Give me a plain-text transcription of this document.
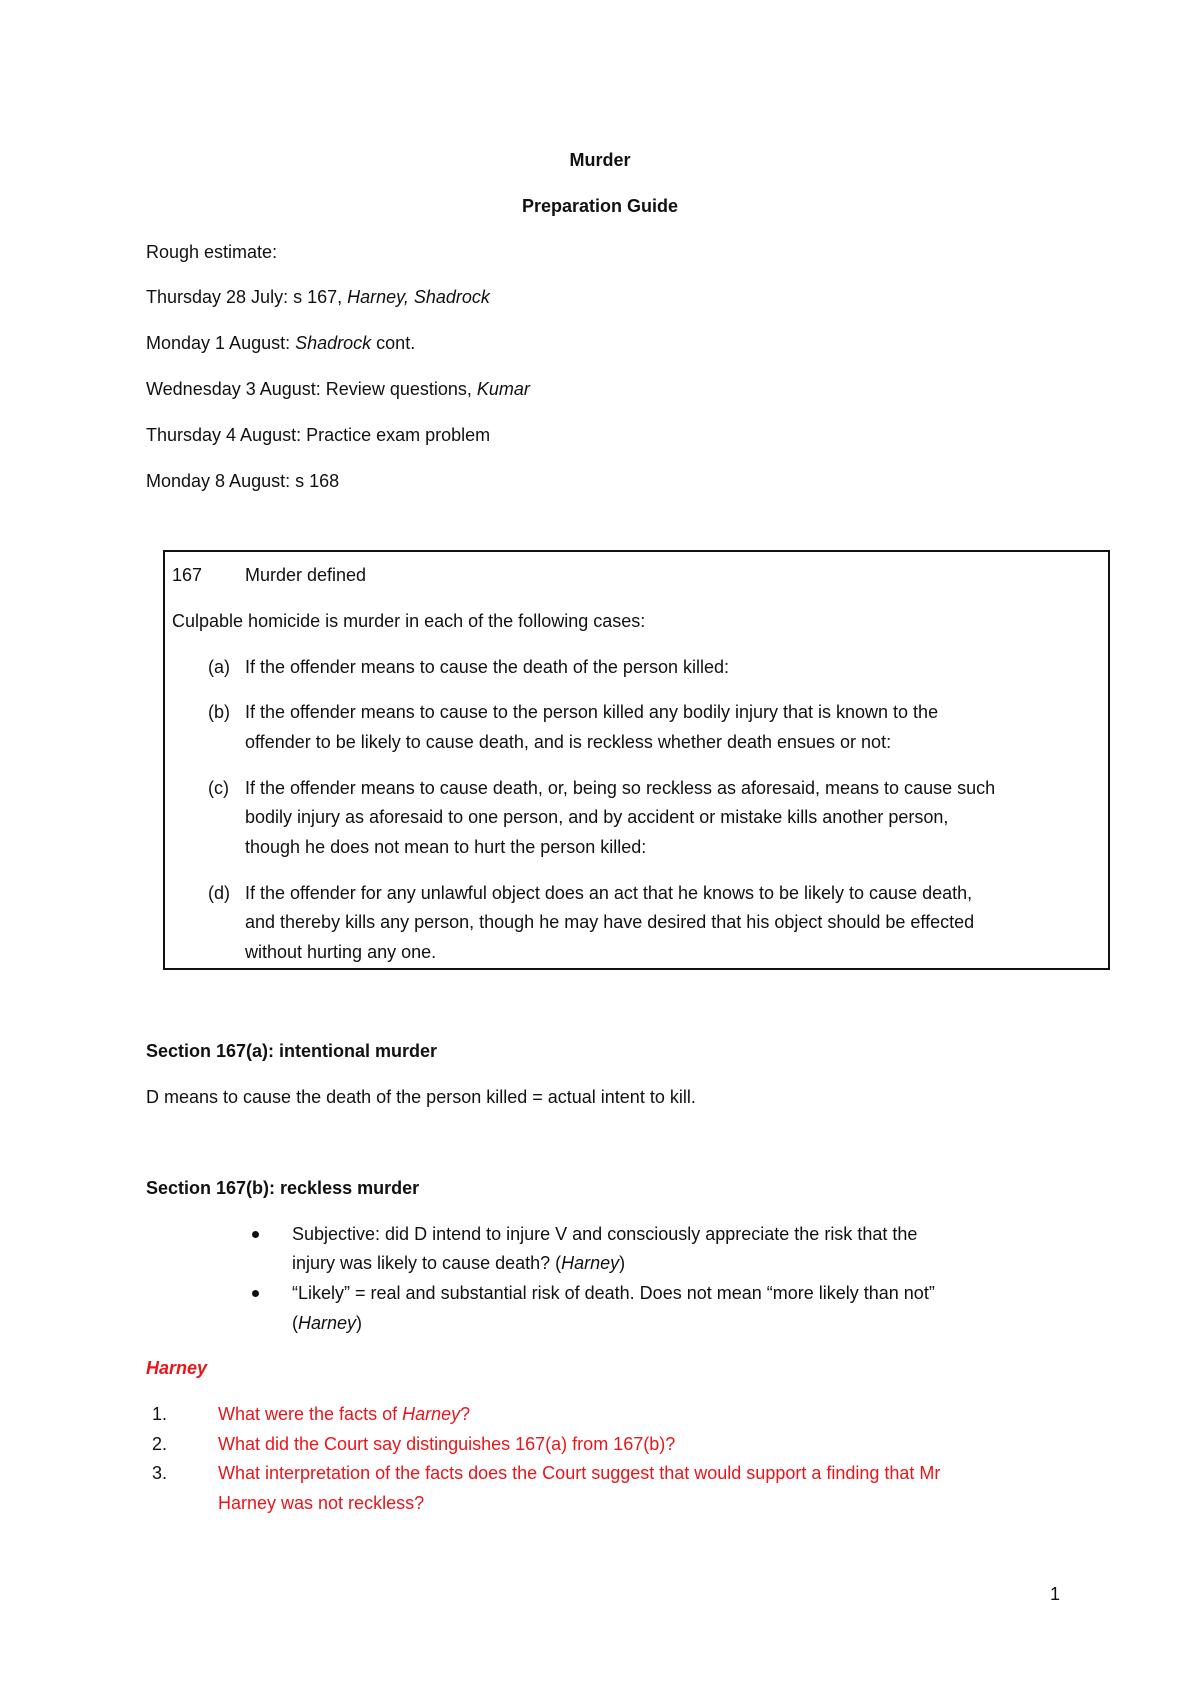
Murder
Preparation Guide
Rough estimate:
Thursday 28 July: s 167, Harney, Shadrock
Monday 1 August: Shadrock cont.
Wednesday 3 August: Review questions, Kumar
Thursday 4 August: Practice exam problem
Monday 8 August: s 168
167 Murder defined
Culpable homicide is murder in each of the following cases:
(a) If the offender means to cause the death of the person killed:
(b) If the offender means to cause to the person killed any bodily injury that is known to the
offender to be likely to cause death, and is reckless whether death ensues or not:
(c) If the offender means to cause death, or, being so reckless as aforesaid, means to cause such
bodily injury as aforesaid to one person, and by accident or mistake kills another person,
though he does not mean to hurt the person killed:
(d) If the offender for any unlawful object does an act that he knows to be likely to cause death,
and thereby kills any person, though he may have desired that his object should be effected
without hurting any one.
Section 167(a): intentional murder
D means to cause the death of the person killed = actual intent to kill.
Section 167(b): reckless murder
Subjective: did D intend to injure V and consciously appreciate the risk that the
injury was likely to cause death? (Harney)
“Likely” = real and substantial risk of death. Does not mean “more likely than not”
(Harney)
Harney
1.	What were the facts of Harney?
2.	What did the Court say distinguishes 167(a) from 167(b)?
3.	What interpretation of the facts does the Court suggest that would support a finding that Mr
Harney was not reckless?
1
